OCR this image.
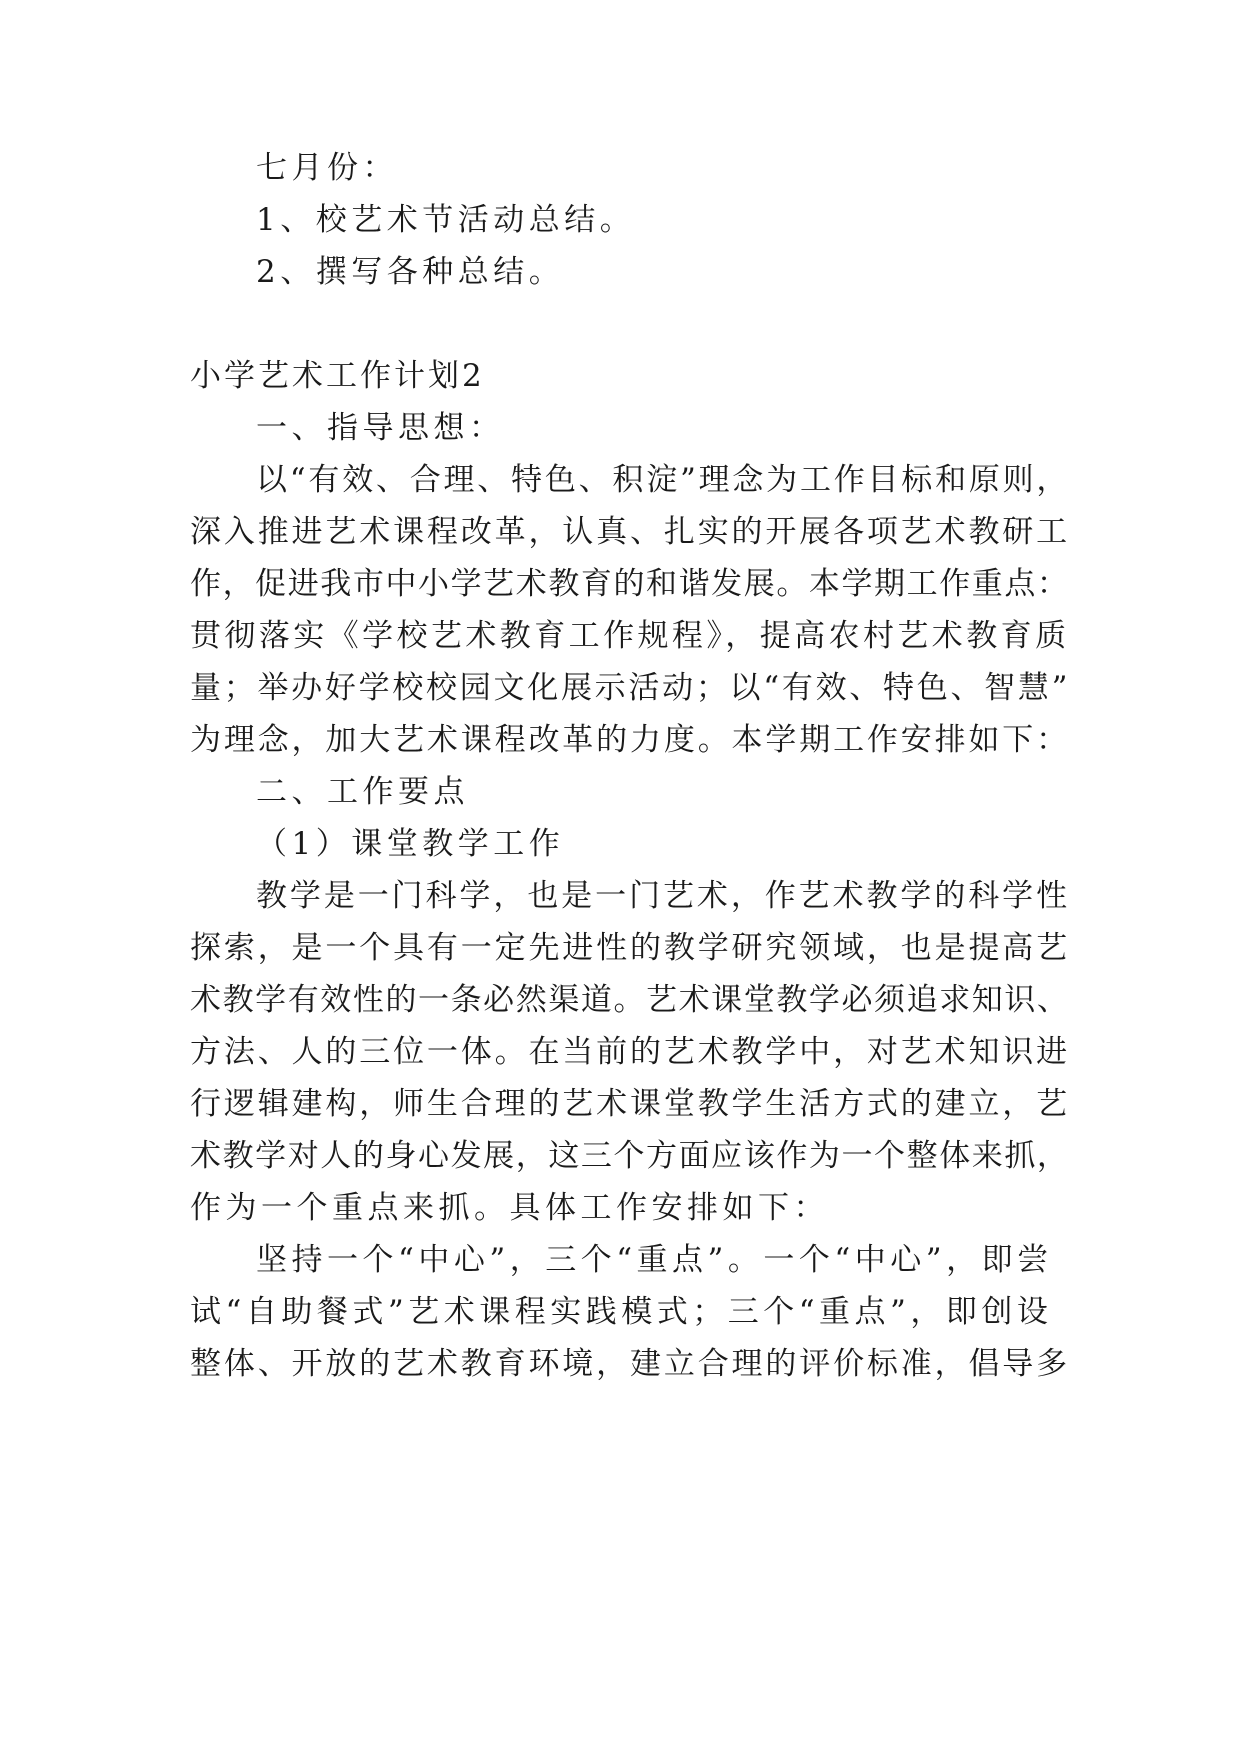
七月份：
1、校艺术节活动总结。
2、撰写各种总结。
小学艺术工作计划2
一、指导思想：
以“有效、合理、特色、积淀”理念为工作目标和原则，
深入推进艺术课程改革，认真、扎实的开展各项艺术教研工
作，促进我市中小学艺术教育的和谐发展。本学期工作重点：
贯彻落实《学校艺术教育工作规程》，提高农村艺术教育质
量；举办好学校校园文化展示活动；以“有效、特色、智慧”
为理念，加大艺术课程改革的力度。本学期工作安排如下：
二、工作要点
（1）课堂教学工作
教学是一门科学，也是一门艺术，作艺术教学的科学性
探索，是一个具有一定先进性的教学研究领域，也是提高艺
术教学有效性的一条必然渠道。艺术课堂教学必须追求知识、
方法、人的三位一体。在当前的艺术教学中，对艺术知识进
行逻辑建构，师生合理的艺术课堂教学生活方式的建立，艺
术教学对人的身心发展，这三个方面应该作为一个整体来抓，
作为一个重点来抓。具体工作安排如下：
坚持一个“中心”，三个“重点”。一个“中心”，即尝
试“自助餐式”艺术课程实践模式；三个“重点”，即创设
整体、开放的艺术教育环境，建立合理的评价标准，倡导多
